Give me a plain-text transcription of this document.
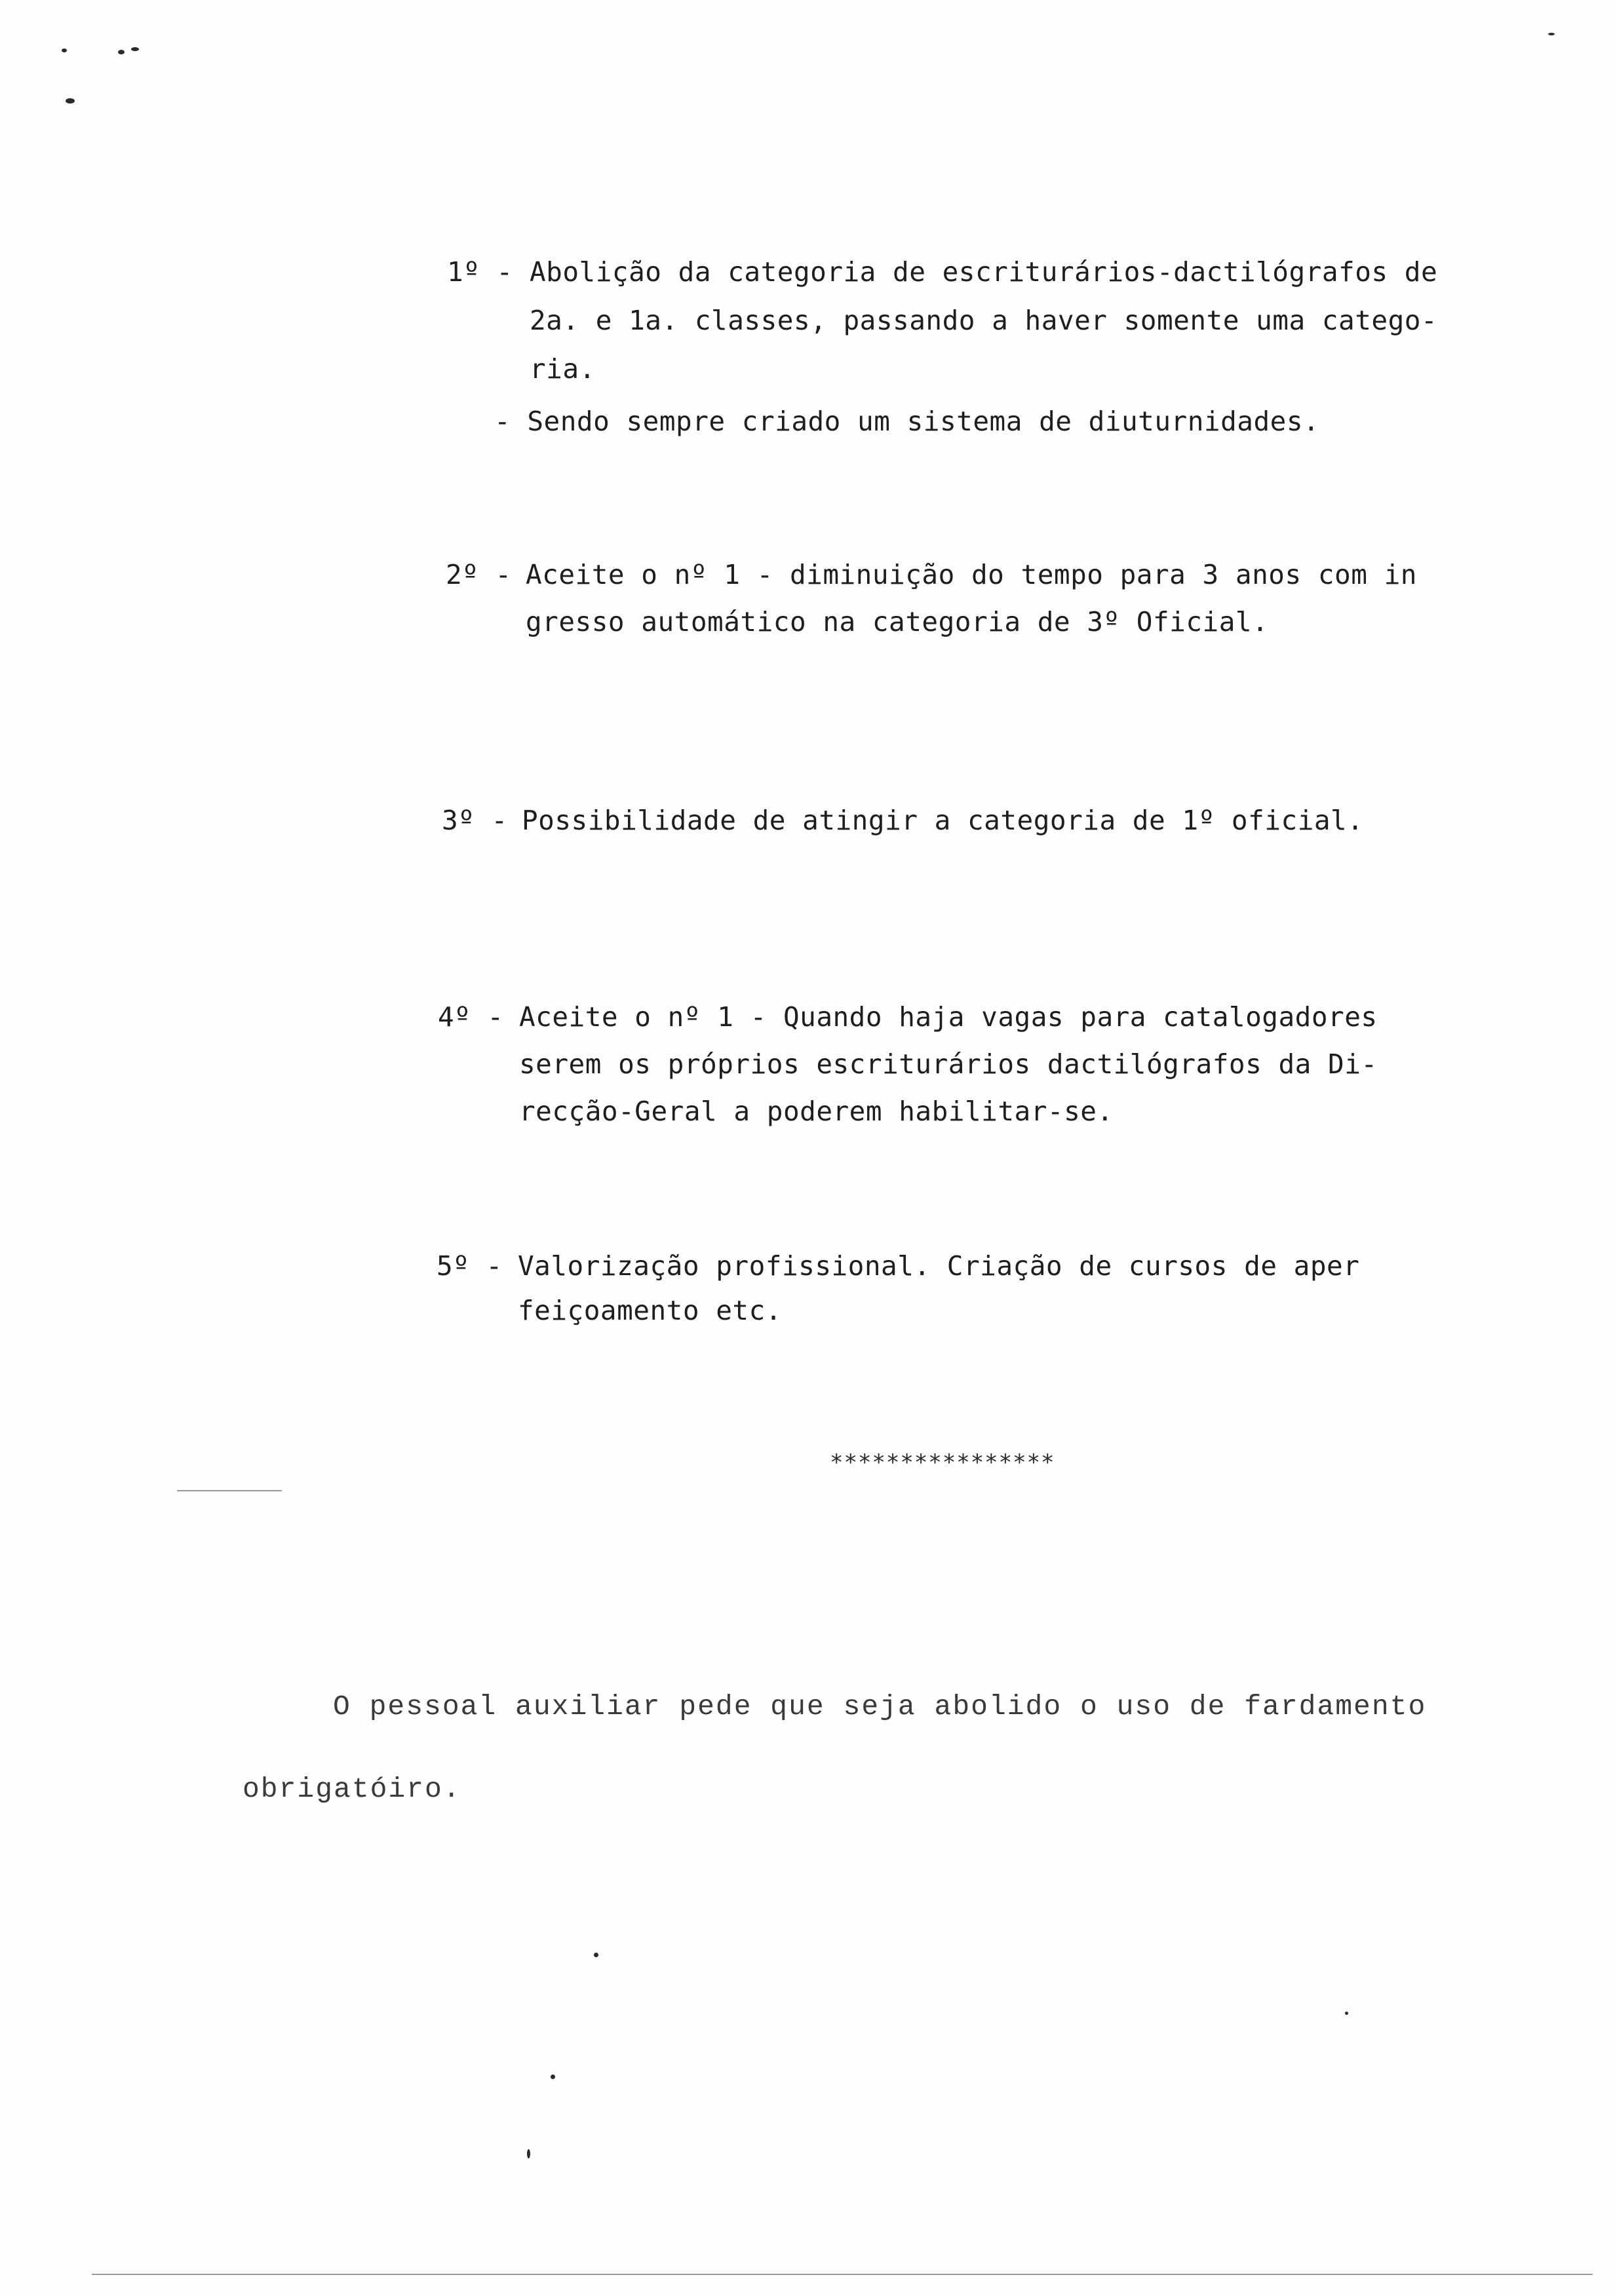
1º -

Abolição da categoria de escriturários-dactilógrafos de

2a. e 1a. classes, passando a haver somente uma catego-

ria.

- Sendo sempre criado um sistema de diuturnidades.

2º -

Aceite o nº 1 - diminuição do tempo para 3 anos com in

gresso automático na categoria de 3º Oficial.

3º -

Possibilidade de atingir a categoria de 1º oficial.

4º -

Aceite o nº 1 - Quando haja vagas para catalogadores

serem os próprios escriturários dactilógrafos da Di-

recção-Geral a poderem habilitar-se.

5º -

Valorização profissional. Criação de cursos de aper

feiçoamento etc.

****************
O pessoal auxiliar pede que seja abolido o uso de fardamento
obrigatóiro.
